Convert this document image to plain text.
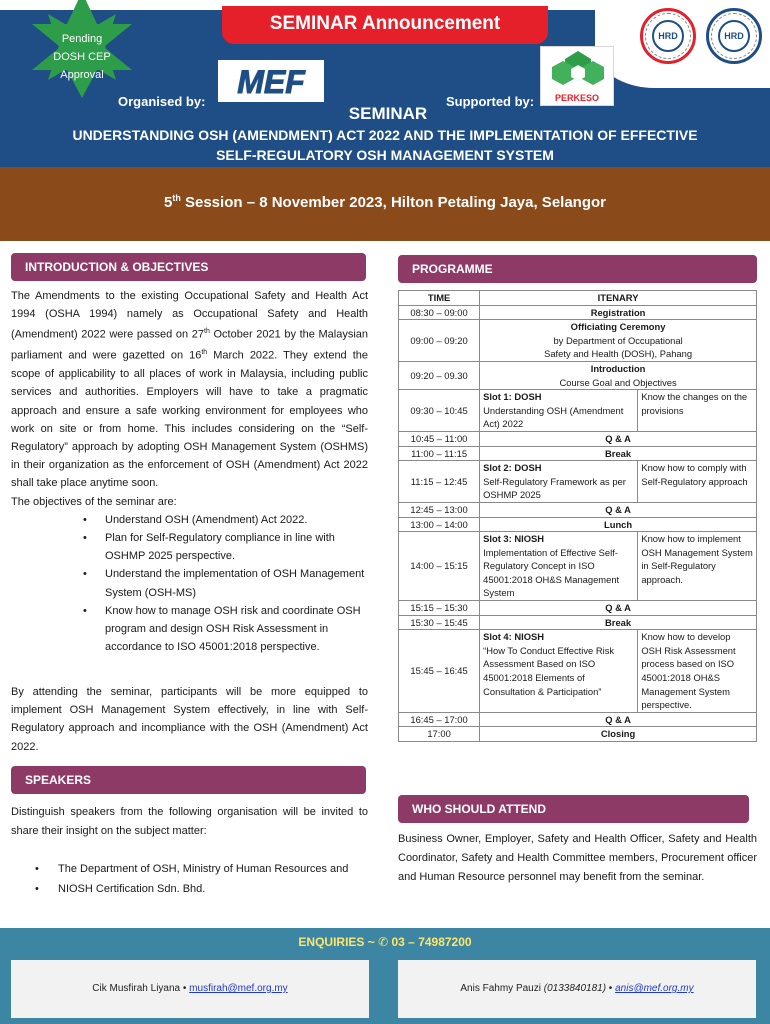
Pending
DOSH CEP
Approval
SEMINAR Announcement
Organised by:
MEF
Supported by:	PERKESO
HRD	HRD
SEMINAR
UNDERSTANDING OSH (AMENDMENT) ACT 2022 AND THE IMPLEMENTATION OF EFFECTIVE
SELF-REGULATORY OSH MANAGEMENT SYSTEM
5th Session – 8 November 2023, Hilton Petaling Jaya, Selangor
INTRODUCTION & OBJECTIVES

The Amendments to the existing Occupational Safety and Health Act 1994 (OSHA 1994) namely as Occupational Safety and Health (Amendment) 2022 were passed on 27th October 2021 by the Malaysian parliament and were gazetted on 16th March 2022. They extend the scope of applicability to all places of work in Malaysia, including public services and authorities. Employers will have to take a pragmatic approach and ensure a safe working environment for employees who work on site or from home. This includes considering on the “Self-Regulatory” approach by adopting OSH Management System (OSHMS) in their organization as the enforcement of OSH (Amendment) Act 2022 shall take place anytime soon.

The objectives of the seminar are:

• Understand OSH (Amendment) Act 2022.
• Plan for Self-Regulatory compliance in line with OSHMP 2025 perspective.
• Understand the implementation of OSH Management System (OSH-MS)
• Know how to manage OSH risk and coordinate OSH program and design OSH Risk Assessment in accordance to ISO 45001:2018 perspective.
By attending the seminar, participants will be more equipped to implement OSH Management System effectively, in line with Self-Regulatory approach and incompliance with the OSH (Amendment) Act 2022.
SPEAKERS
Distinguish speakers from the following organisation will be invited to share their insight on the subject matter:
• The Department of OSH, Ministry of Human Resources and
• NIOSH Certification Sdn. Bhd.
PROGRAMME
TIME	ITENARY	
08:30 – 09:00	Registration	
09:00 – 09:20	Officiating Ceremony
by Department of Occupational
Safety and Health (DOSH), Pahang	

09:20 – 09.30	Introduction
Course Goal and Objectives	

09:30 – 10:45	Slot 1: DOSH
Understanding OSH (Amendment Act) 2022	Know the changes on the provisions
10:45 – 11:00	Q & A	
11:00 – 11:15	Break	
11:15 – 12:45	Slot 2: DOSH
Self-Regulatory Framework as per OSHMP 2025	Know how to comply with Self-Regulatory approach
12:45 – 13:00	Q & A	
13:00 – 14:00	Lunch	
14:00 – 15:15	Slot 3: NIOSH
Implementation of Effective Self-Regulatory Concept in ISO 45001:2018 OH&S Management System	Know how to implement OSH Management System in Self-Regulatory approach.
15:15 – 15:30	Q & A	
15:30 – 15:45	Break	
15:45 – 16:45	Slot 4: NIOSH
“How To Conduct Effective Risk Assessment Based on ISO 45001:2018 Elements of Consultation & Participation”	Know how to develop OSH Risk Assessment process based on ISO 45001:2018 OH&S Management System perspective.
16:45 – 17:00	Q & A	
17:00	Closing	
WHO SHOULD ATTEND
Business Owner, Employer, Safety and Health Officer, Safety and Health Coordinator, Safety and Health Committee members, Procurement officer and Human Resource personnel may benefit from the seminar.
ENQUIRIES ~ ✆ 03 – 74987200
Cik Musfirah Liyana • musfirah@mef.org.my	Anis Fahmy Pauzi (0133840181) • anis@mef.org.my
